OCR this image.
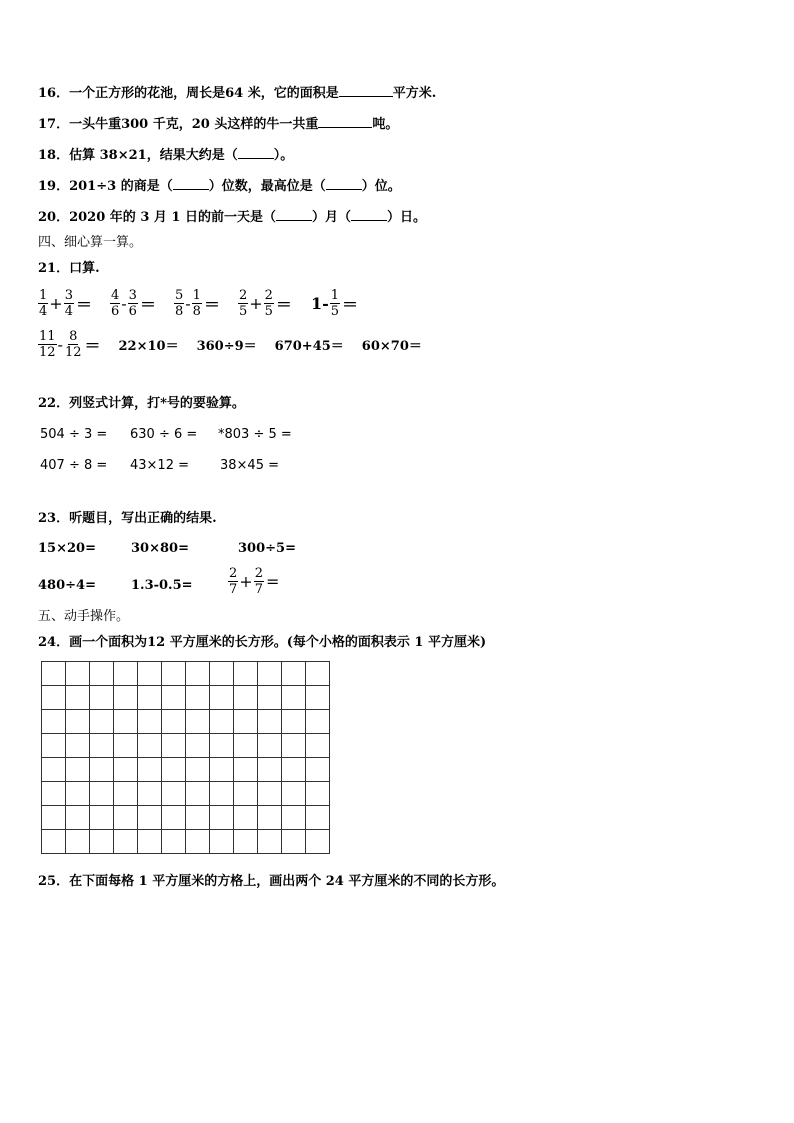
16．一个正方形的花池，周长是64 米，它的面积是	平方米.
17．一头牛重300 千克，20 头这样的牛一共重	吨。
18．估算 38×21，结果大约是（	）。
19．201÷3 的商是（	）位数，最高位是（	）位。
20．2020 年的 3 月 1 日的前一天是（	）月（	）日。
四、细心算一算。
21．口算.
$\frac{1}{4} + \frac{3}{4} = \frac{4}{6} - \frac{3}{6} = \frac{5}{8} - \frac{1}{8} = \frac{2}{5} + \frac{2}{5} = 1- \frac{1}{5}$ ＝
$\frac{11}{12} - \frac{8}{12} = 22\times 10= 360\div 9= 670+45= 60\times 70=$
22．列竖式计算，打*号的要验算。
504 ÷ 3 = 630 ÷ 6 = *803 ÷ 5 =
407 ÷ 8 = 43×12 = 38×45 =
23．听题目，写出正确的结果.
15×20=	30×80=	300÷5=
480÷4=	1.3-0.5=	$\frac{2}{7} + \frac{2}{7}$ =
五、动手操作。
24．画一个面积为12 平方厘米的长方形。(每个小格的面积表示 1 平方厘米)

25．在下面每格 1 平方厘米的方格上，画出两个 24 平方厘米的不同的长方形。
